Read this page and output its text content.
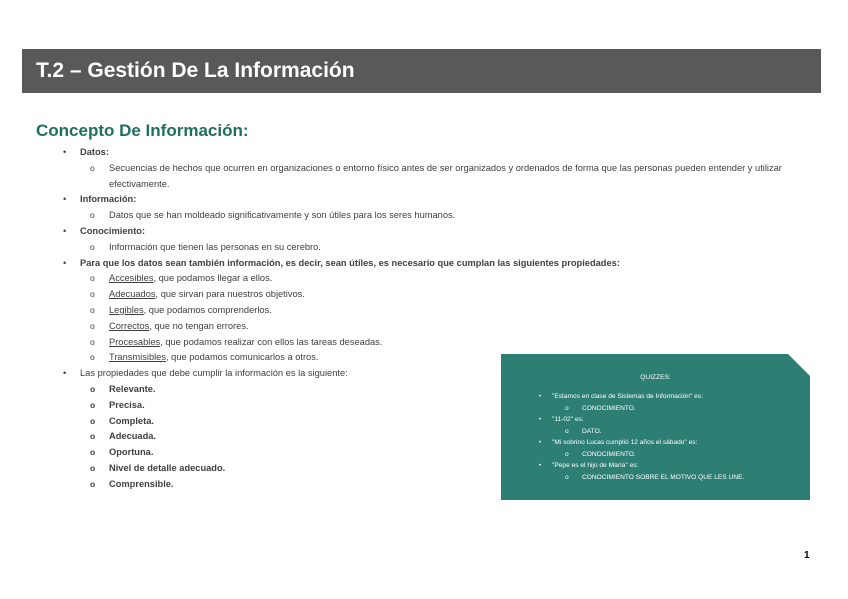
T.2 – Gestión De La Información
Concepto De Información:
• Datos:
o Secuencias de hechos que ocurren en organizaciones o entorno físico antes de ser organizados y ordenados de forma que las personas pueden entender y utilizar efectivamente.
• Información:
o Datos que se han moldeado significativamente y son útiles para los seres humanos.
• Conocimiento:
o Información que tienen las personas en su cerebro.
• Para que los datos sean también información, es decir, sean útiles, es necesario que cumplan las siguientes propiedades:
o Accesibles, que podamos llegar a ellos.
o Adecuados, que sirvan para nuestros objetivos.
o Legibles, que podamos comprenderlos.
o Correctos, que no tengan errores.
o Procesables, que podamos realizar con ellos las tareas deseadas.
o Transmisibles, que podamos comunicarlos a otros.
• Las propiedades que debe cumplir la información es la siguiente:
o Relevante.
o Precisa.
o Completa.
o Adecuada.
o Oportuna.
o Nivel de detalle adecuado.
o Comprensible.
QUIZZES:
• "Estamos en clase de Sistemas de Información" es:
o CONOCIMIENTO.
• "11-02" es:
o DATO.
• "Mi sobrino Lucas cumplió 12 años el sábado" es:
o CONOCIMIENTO.
• "Pepe es el hijo de María" es:
o CONOCIMIENTO SOBRE EL MOTIVO QUE LES UNE.
1
